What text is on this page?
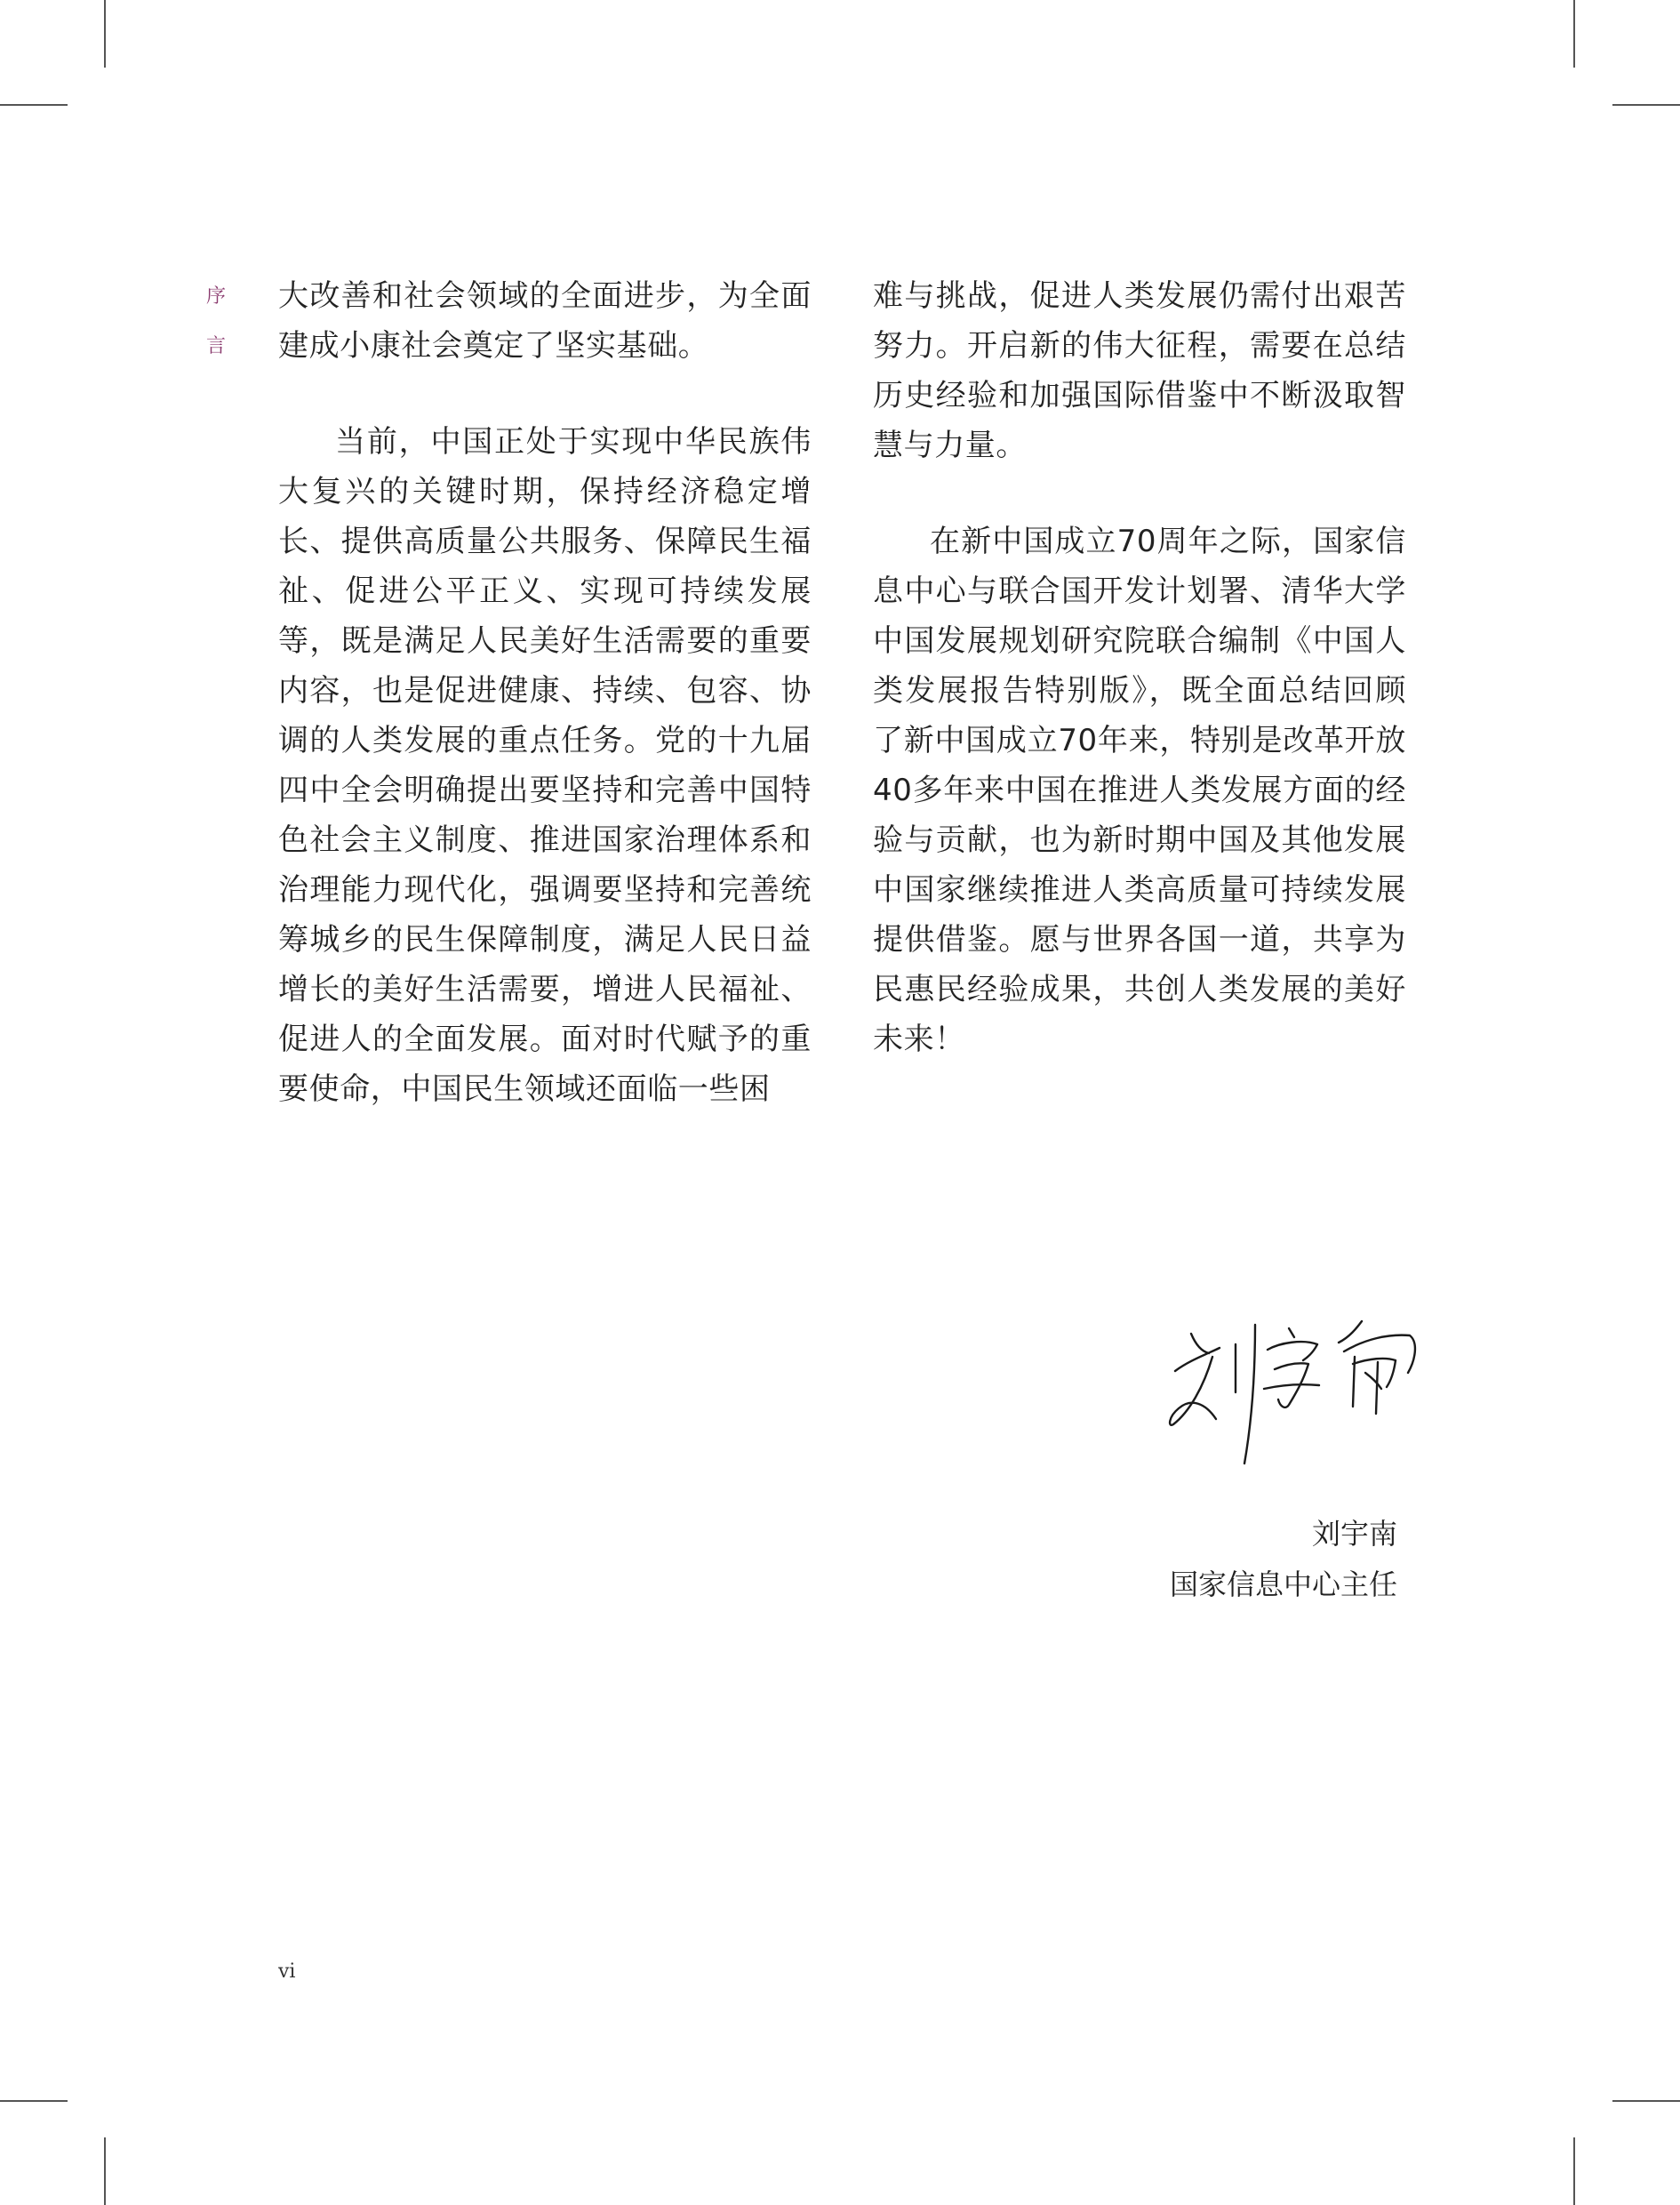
序
言

大改善和社会领域的全面进步，为全面建成小康社会奠定了坚实基础。

当前，中国正处于实现中华民族伟大复兴的关键时期，保持经济稳定增长、提供高质量公共服务、保障民生福祉、促进公平正义、实现可持续发展等，既是满足人民美好生活需要的重要内容，也是促进健康、持续、包容、协调的人类发展的重点任务。党的十九届四中全会明确提出要坚持和完善中国特色社会主义制度、推进国家治理体系和治理能力现代化，强调要坚持和完善统筹城乡的民生保障制度，满足人民日益增长的美好生活需要，增进人民福祉、促进人的全面发展。面对时代赋予的重要使命，中国民生领域还面临一些困

难与挑战，促进人类发展仍需付出艰苦努力。开启新的伟大征程，需要在总结历史经验和加强国际借鉴中不断汲取智慧与力量。

在新中国成立70周年之际，国家信息中心与联合国开发计划署、清华大学中国发展规划研究院联合编制《中国人类发展报告特别版》，既全面总结回顾了新中国成立70年来，特别是改革开放40多年来中国在推进人类发展方面的经验与贡献，也为新时期中国及其他发展中国家继续推进人类高质量可持续发展提供借鉴。愿与世界各国一道，共享为民惠民经验成果，共创人类发展的美好未来！

刘宇南
国家信息中心主任
vi
